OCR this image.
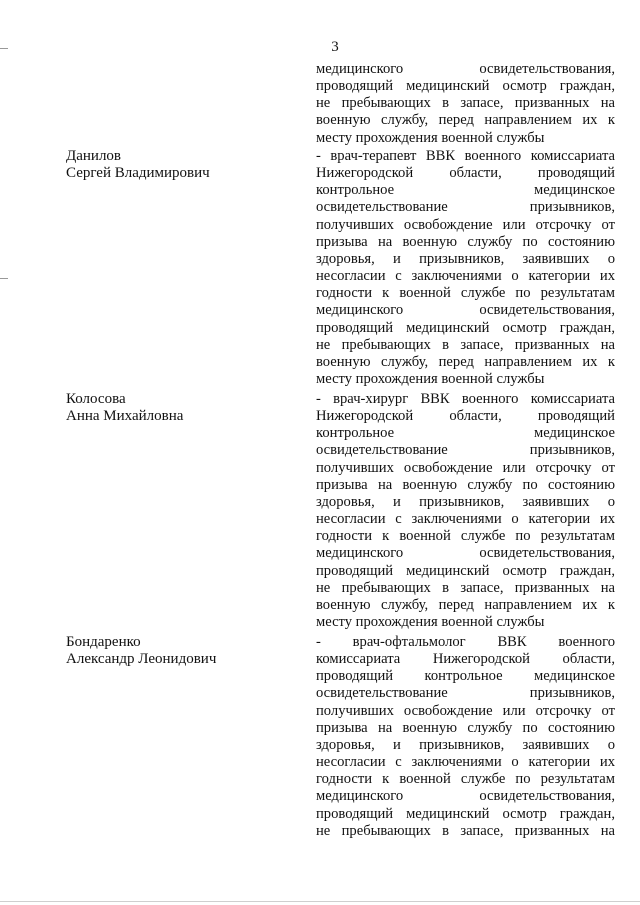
3
медицинского освидетельствования,
проводящий медицинский осмотр граждан,
не пребывающих в запасе, призванных на
военную службу, перед направлением их к
месту прохождения военной службы
Данилов
Сергей Владимирович
- врач-терапевт ВВК военного комиссариата
Нижегородской области, проводящий
контрольное медицинское
освидетельствование призывников,
получивших освобождение или отсрочку от
призыва на военную службу по состоянию
здоровья, и призывников, заявивших о
несогласии с заключениями о категории их
годности к военной службе по результатам
медицинского освидетельствования,
проводящий медицинский осмотр граждан,
не пребывающих в запасе, призванных на
военную службу, перед направлением их к
месту прохождения военной службы
Колосова
Анна Михайловна
- врач-хирург ВВК военного комиссариата
Нижегородской области, проводящий
контрольное медицинское
освидетельствование призывников,
получивших освобождение или отсрочку от
призыва на военную службу по состоянию
здоровья, и призывников, заявивших о
несогласии с заключениями о категории их
годности к военной службе по результатам
медицинского освидетельствования,
проводящий медицинский осмотр граждан,
не пребывающих в запасе, призванных на
военную службу, перед направлением их к
месту прохождения военной службы
Бондаренко
Александр Леонидович
- врач-офтальмолог ВВК военного
комиссариата Нижегородской области,
проводящий контрольное медицинское
освидетельствование призывников,
получивших освобождение или отсрочку от
призыва на военную службу по состоянию
здоровья, и призывников, заявивших о
несогласии с заключениями о категории их
годности к военной службе по результатам
медицинского освидетельствования,
проводящий медицинский осмотр граждан,
не пребывающих в запасе, призванных на
